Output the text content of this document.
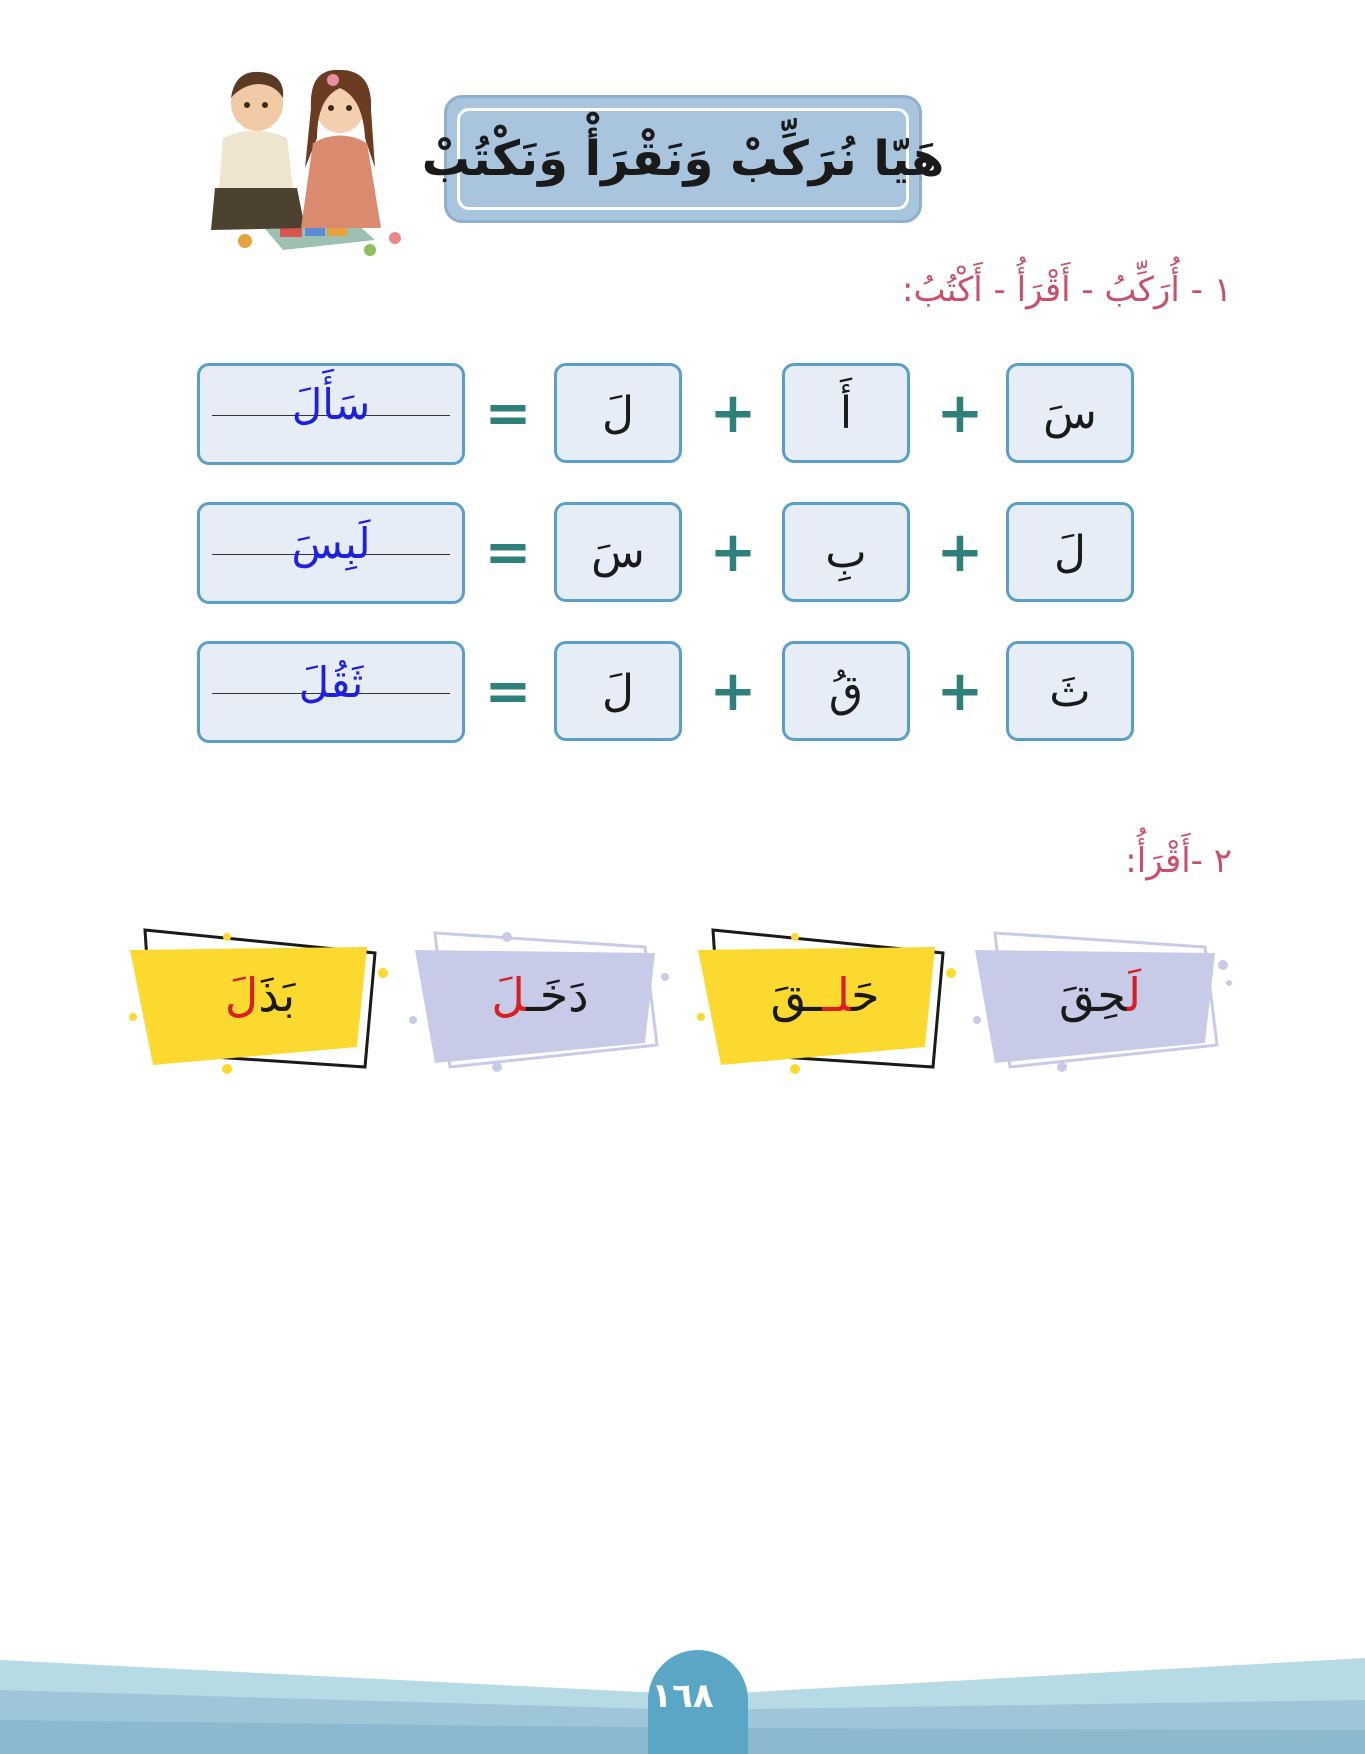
هَيّا نُرَكِّبْ وَنَقْرَأْ وَنَكْتُبْ
١ - أُرَكِّبُ - أَقْرَأُ - أَكْتُبُ:
سَ
+
أَ
+
لَ
=
سَأَلَ
لَ
+
بِ
+
سَ
=
لَبِسَ
ثَ
+
قُ
+
لَ
=
ثَقُلَ
٢ -أَقْرَأُ:
لَحِقَ
حَلــقَ
دَخَـلَ
بَذَلَ
١٦٨
